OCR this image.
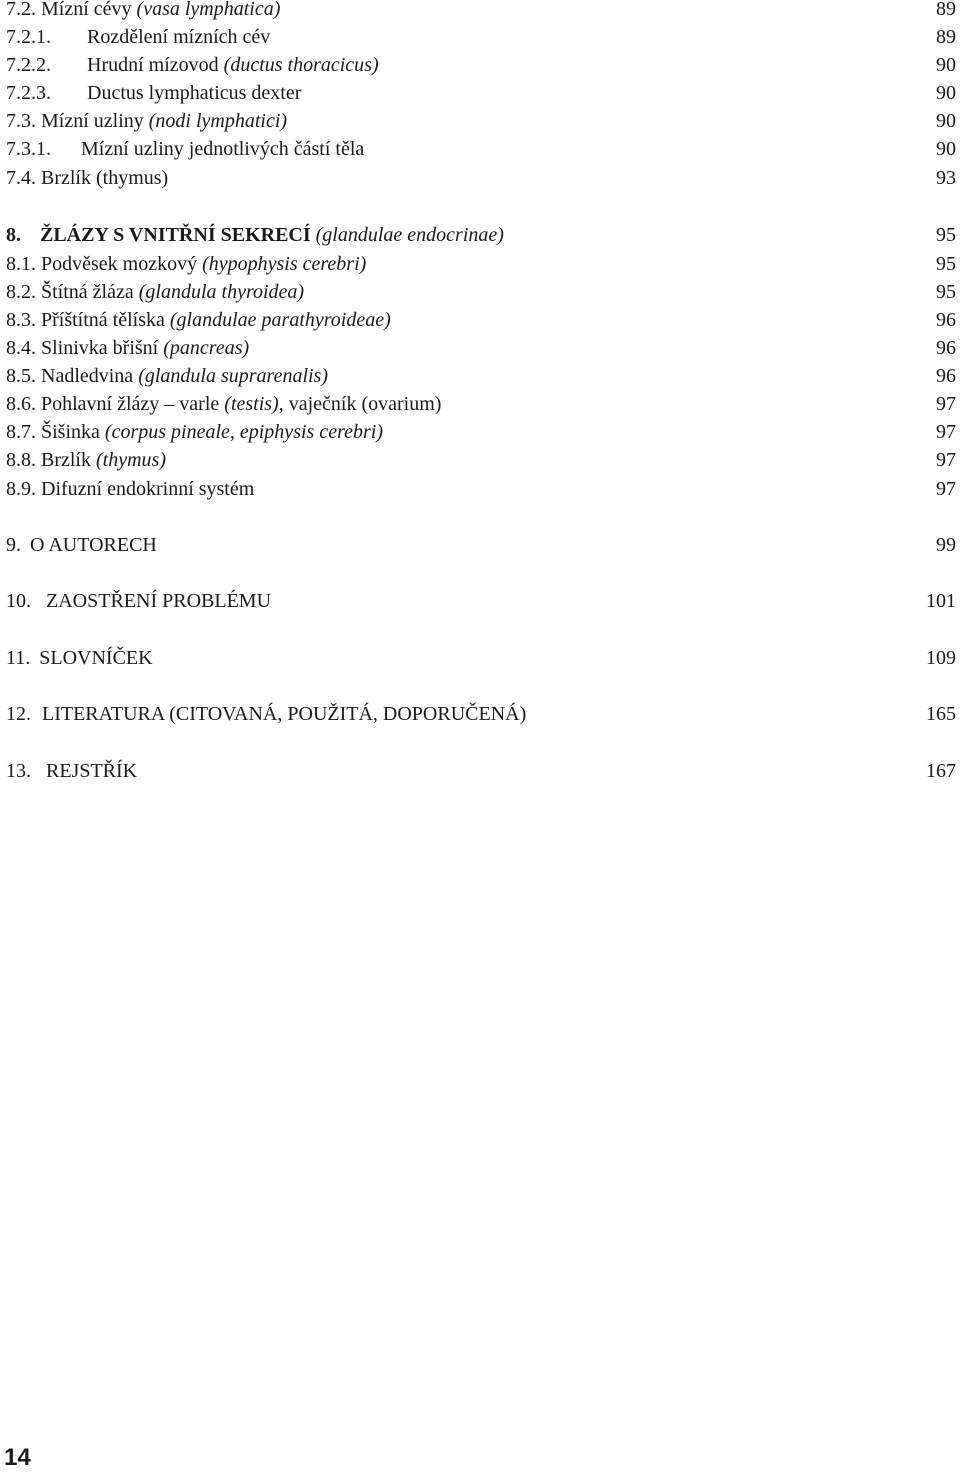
7.2. Mízní cévy (vasa lymphatica)	89
7.2.1. Rozdělení mízních cév	89
7.2.2. Hrudní mízovod (ductus thoracicus)	90
7.2.3. Ductus lymphaticus dexter	90
7.3. Mízní uzliny (nodi lymphatici)	90
7.3.1. Mízní uzliny jednotlivých částí těla	90
7.4. Brzlík (thymus)	93
8. ŽLÁZY S VNITŘNÍ SEKRECÍ (glandulae endocrinae)	95
8.1. Podvěsek mozkový (hypophysis cerebri)	95
8.2. Štítná žláza (glandula thyroidea)	95
8.3. Příštítná tělíska (glandulae parathyroideae)	96
8.4. Slinivka břišní (pancreas)	96
8.5. Nadledvina (glandula suprarenalis)	96
8.6. Pohlavní žlázy – varle (testis), vaječník (ovarium)	97
8.7. Šišinka (corpus pineale, epiphysis cerebri)	97
8.8. Brzlík (thymus)	97
8.9. Difuzní endokrinní systém	97
9. O AUTORECH	99
10. ZAOSTŘENÍ PROBLÉMU	101
11. SLOVNÍČEK	109
12. LITERATURA (CITOVANÁ, POUŽITÁ, DOPORUČENÁ)	165
13. REJSTŘÍK	167
14
